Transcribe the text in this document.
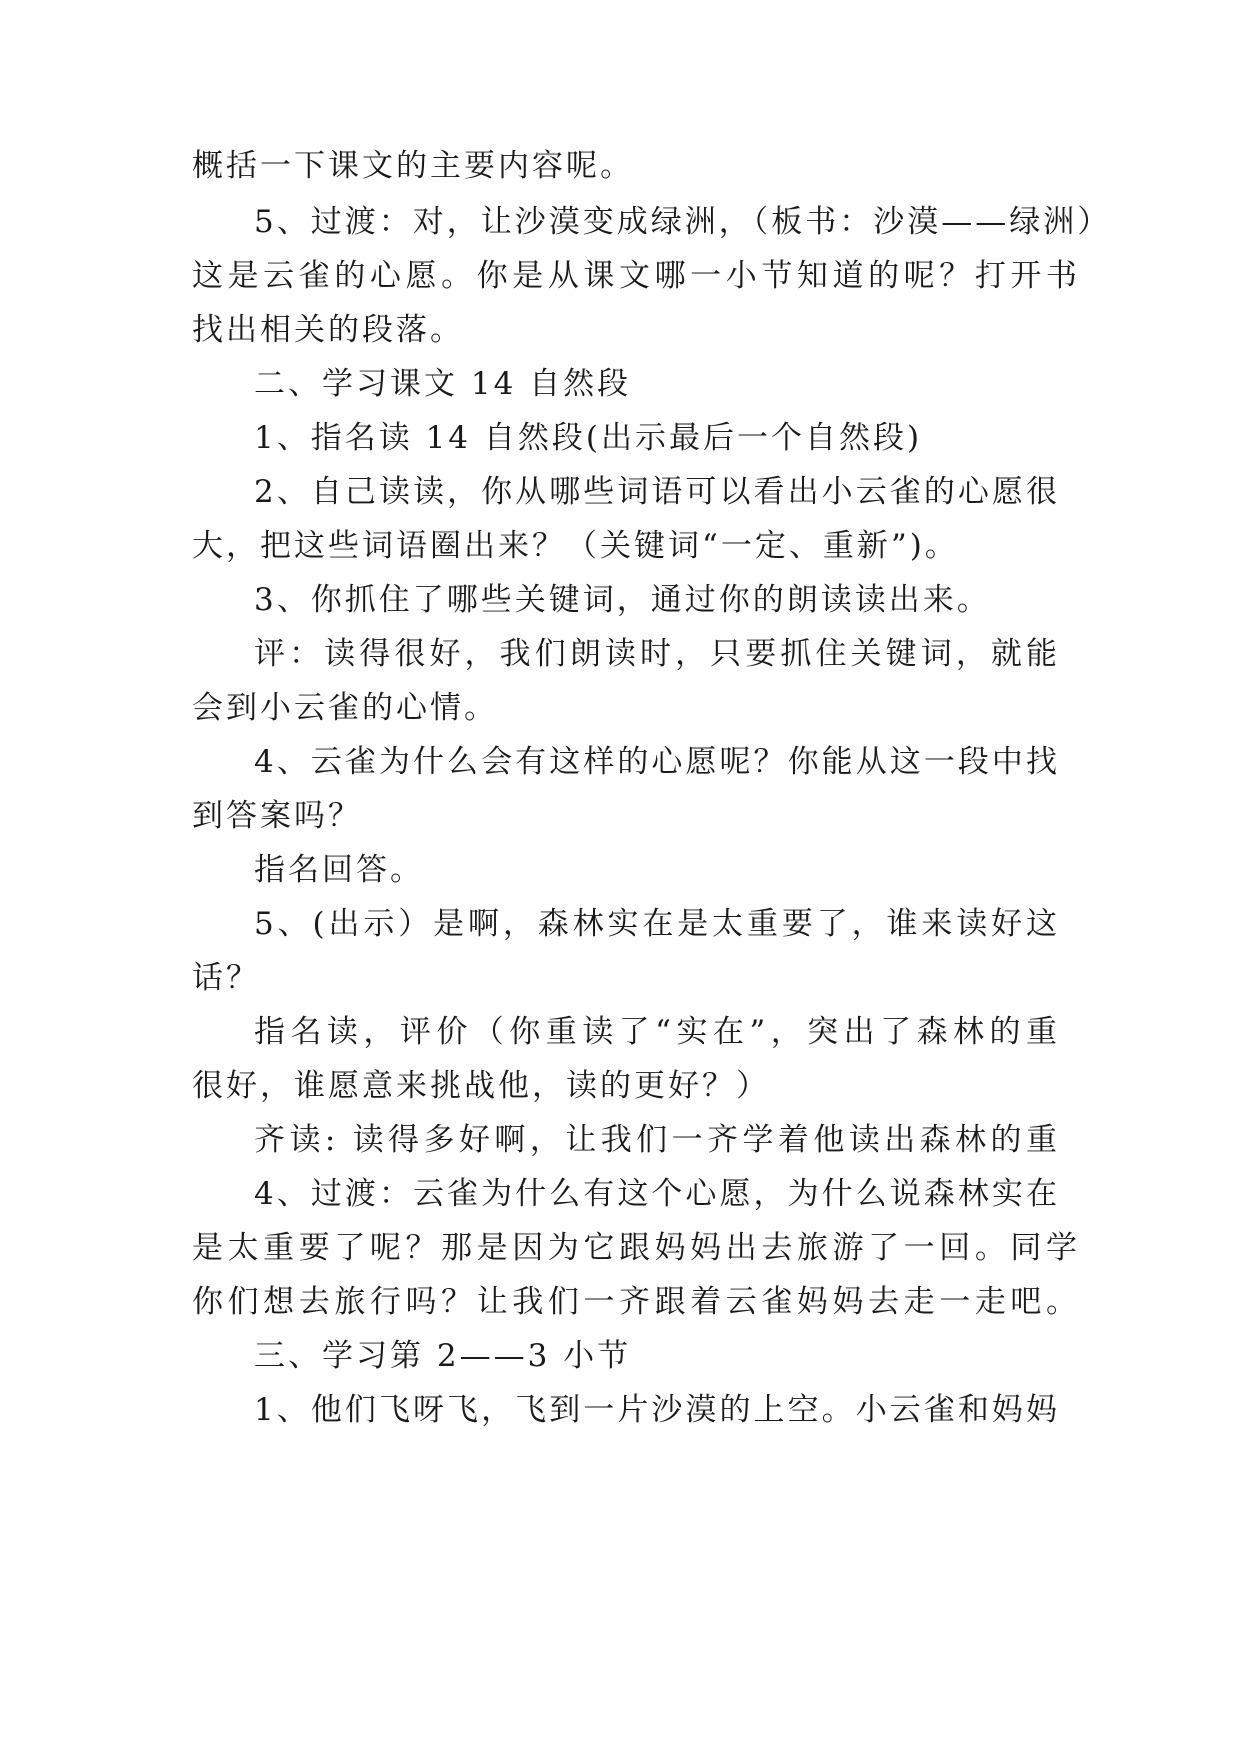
概括一下课文的主要内容呢。
5、过渡：对，让沙漠变成绿洲，（板书：沙漠——绿洲）
这是云雀的心愿。你是从课文哪一小节知道的呢？打开书
找出相关的段落。
二、学习课文 14 自然段
1、指名读 14 自然段(出示最后一个自然段)
2、自己读读，你从哪些词语可以看出小云雀的心愿很
大，把这些词语圈出来？（关键词“一定、重新”)。
3、你抓住了哪些关键词，通过你的朗读读出来。
评：读得很好，我们朗读时，只要抓住关键词，就能
会到小云雀的心情。
4、云雀为什么会有这样的心愿呢？你能从这一段中找
到答案吗？
指名回答。
5、(出示）是啊，森林实在是太重要了，谁来读好这
话？
指名读，评价（你重读了“实在”，突出了森林的重
很好，谁愿意来挑战他，读的更好？）
齐读: 读得多好啊，让我们一齐学着他读出森林的重
4、过渡：云雀为什么有这个心愿，为什么说森林实在
是太重要了呢？那是因为它跟妈妈出去旅游了一回。同学
你们想去旅行吗？让我们一齐跟着云雀妈妈去走一走吧。
三、学习第 2——3 小节
1、他们飞呀飞，飞到一片沙漠的上空。小云雀和妈妈
